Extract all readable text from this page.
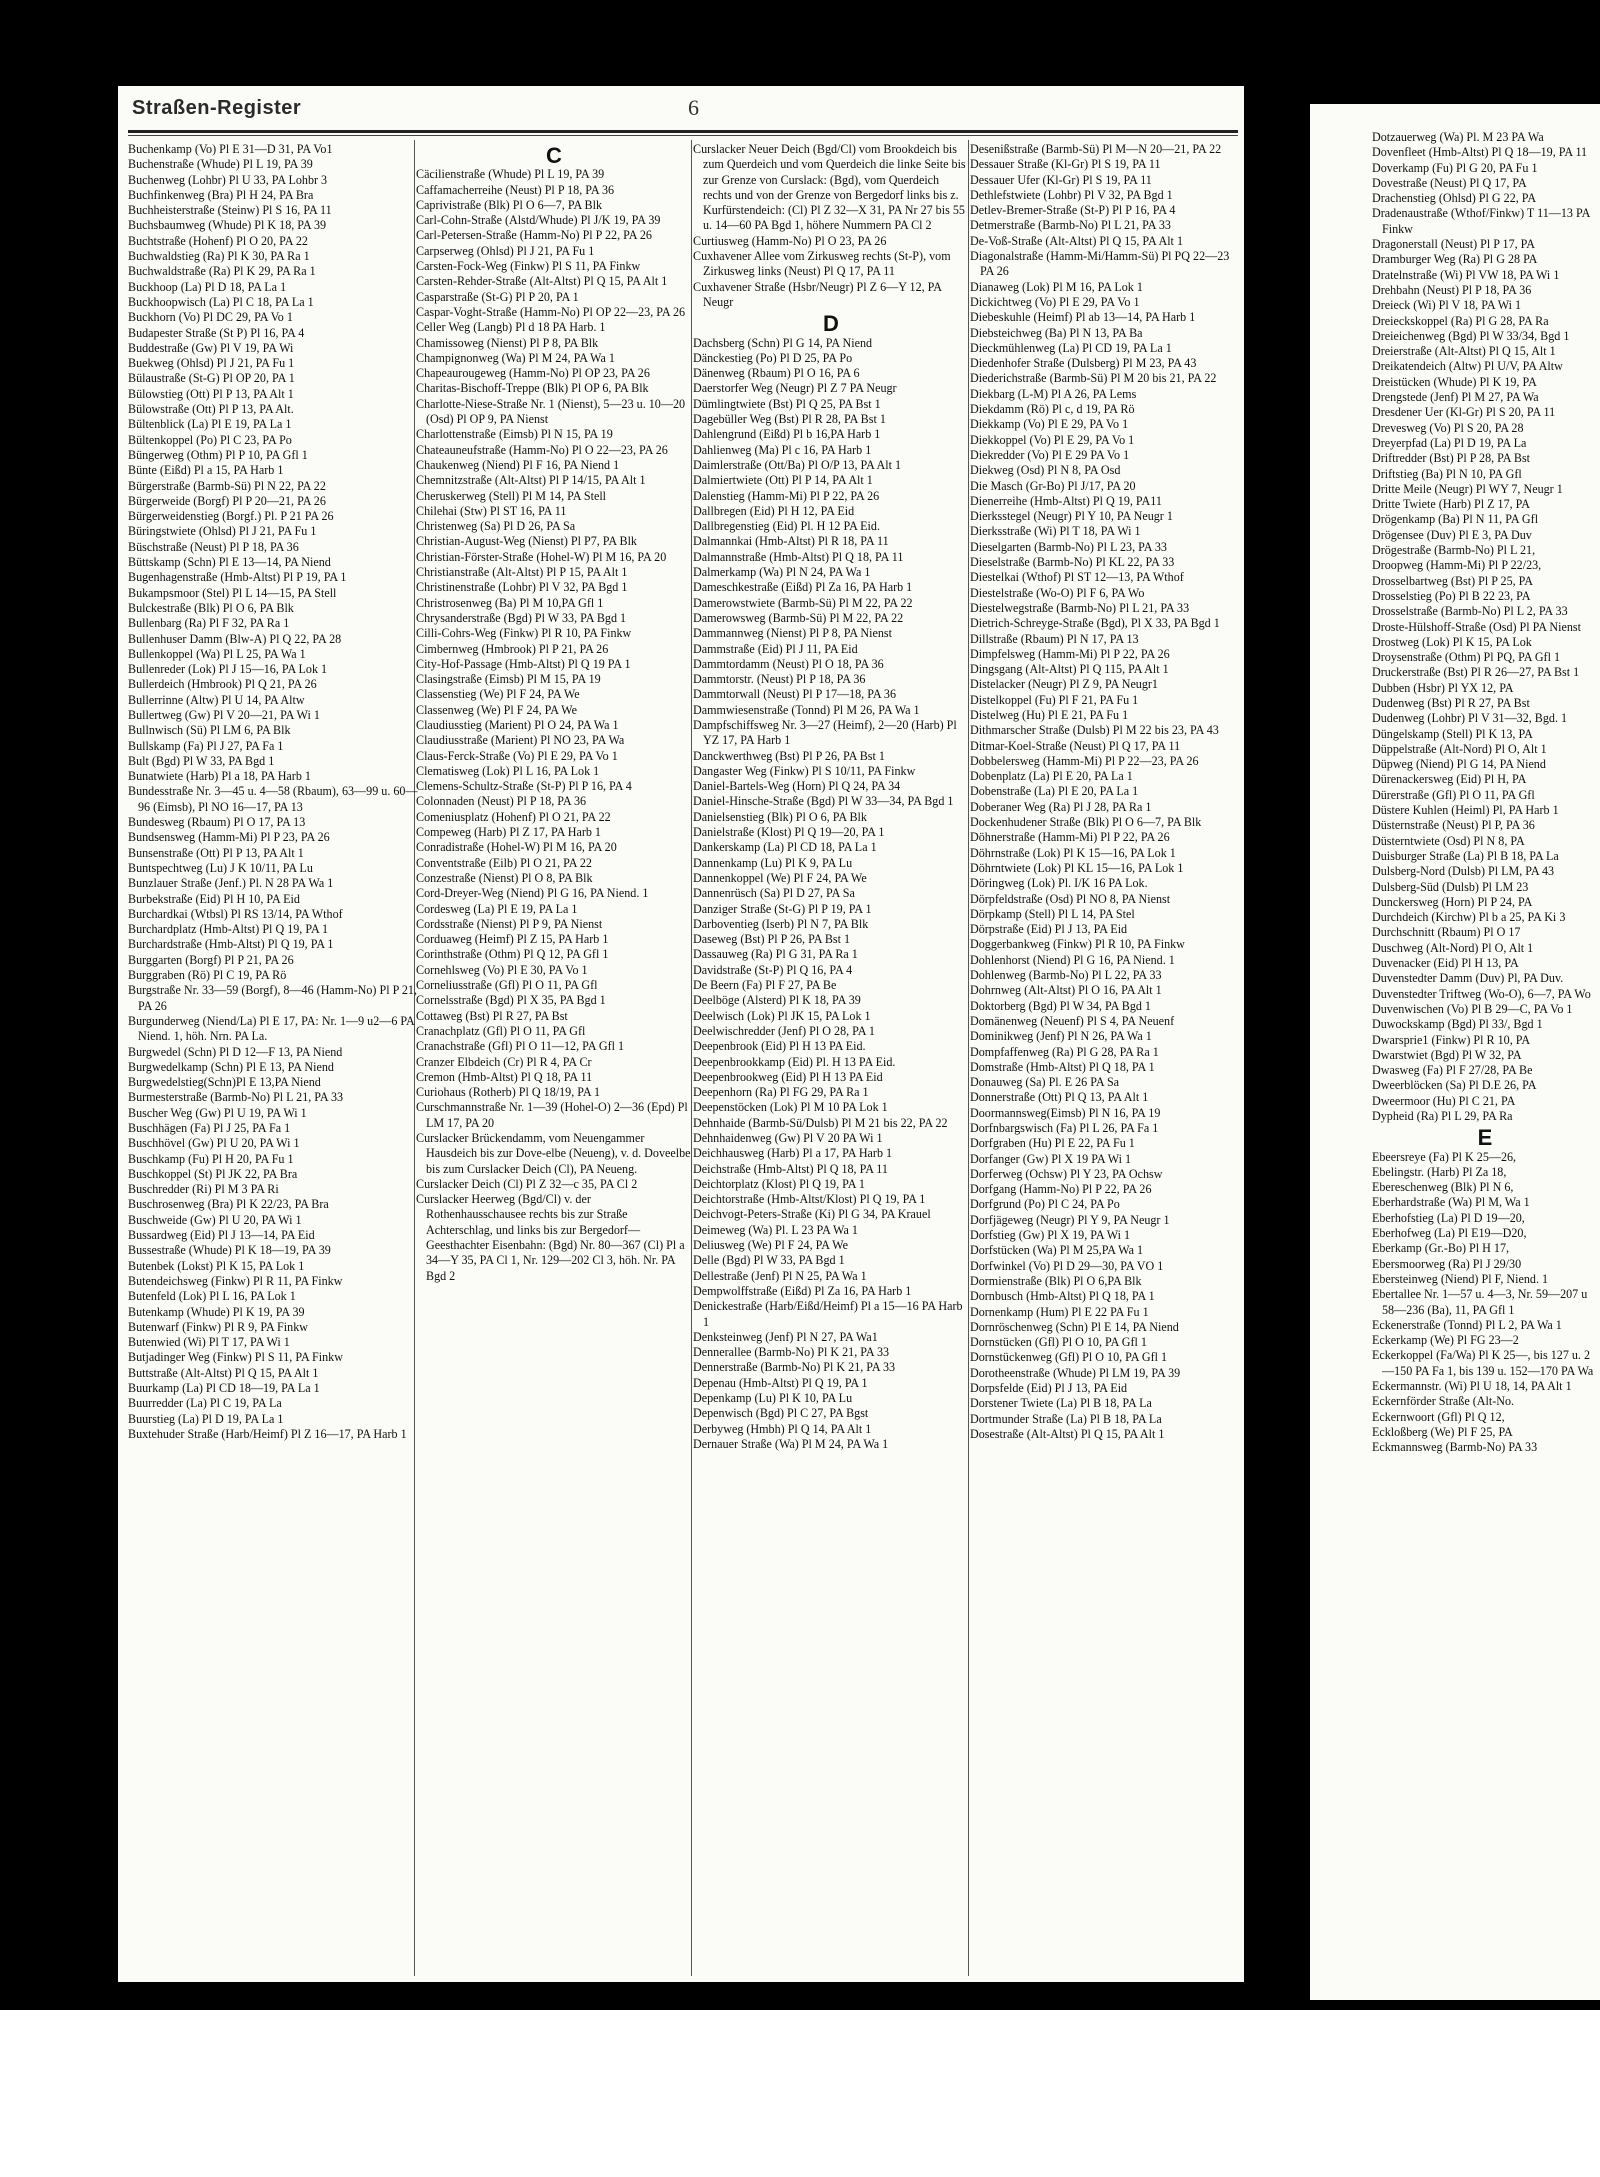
Straßen-Register	6

Buchenkamp (Vo) Pl E 31—D 31, PA Vo1

Buchenstraße (Whude) Pl L 19, PA 39

Buchenweg (Lohbr) Pl U 33, PA Lohbr 3

Buchfinkenweg (Bra) Pl H 24, PA Bra

Buchheisterstraße (Steinw) Pl S 16, PA 11

Buchsbaumweg (Whude) Pl K 18, PA 39

Buchtstraße (Hohenf) Pl O 20, PA 22

Buchwaldstieg (Ra) Pl K 30, PA Ra 1

Buchwaldstraße (Ra) Pl K 29, PA Ra 1

Buckhoop (La) Pl D 18, PA La 1

Buckhoopwisch (La) Pl C 18, PA La 1

Buckhorn (Vo) Pl DC 29, PA Vo 1

Budapester Straße (St P) Pl 16, PA 4

Buddestraße (Gw) Pl V 19, PA Wi

Buekweg (Ohlsd) Pl J 21, PA Fu 1

Bülaustraße (St-G) Pl OP 20, PA 1

Bülowstieg (Ott) Pl P 13, PA Alt 1

Bülowstraße (Ott) Pl P 13, PA Alt.

Bültenblick (La) Pl E 19, PA La 1

Bültenkoppel (Po) Pl C 23, PA Po

Büngerweg (Othm) Pl P 10, PA Gfl 1

Bünte (Eißd) Pl a 15, PA Harb 1

Bürgerstraße (Barmb-Sü) Pl N 22, PA 22

Bürgerweide (Borgf) Pl P 20—21, PA 26

Bürgerweidenstieg (Borgf.) Pl. P 21 PA 26

Büringstwiete (Ohlsd) Pl J 21, PA Fu 1

Büschstraße (Neust) Pl P 18, PA 36

Büttskamp (Schn) Pl E 13—14, PA Niend

Bugenhagenstraße (Hmb-Altst) Pl P 19, PA 1

Bukampsmoor (Stel) Pl L 14—15, PA Stell

Bulckestraße (Blk) Pl O 6, PA Blk

Bullenbarg (Ra) Pl F 32, PA Ra 1

Bullenhuser Damm (Blw-A) Pl Q 22, PA 28

Bullenkoppel (Wa) Pl L 25, PA Wa 1

Bullenreder (Lok) Pl J 15—16, PA Lok 1

Bullerdeich (Hmbrook) Pl Q 21, PA 26

Bullerrinne (Altw) Pl U 14, PA Altw

Bullertweg (Gw) Pl V 20—21, PA Wi 1

Bullnwisch (Sü) Pl LM 6, PA Blk

Bullskamp (Fa) Pl J 27, PA Fa 1

Bult (Bgd) Pl W 33, PA Bgd 1

Bunatwiete (Harb) Pl a 18, PA Harb 1

Bundesstraße Nr. 3—45 u. 4—58 (Rbaum), 63—99 u. 60—96 (Eimsb), Pl NO 16—17, PA 13

Bundesweg (Rbaum) Pl O 17, PA 13

Bundsensweg (Hamm-Mi) Pl P 23, PA 26

Bunsenstraße (Ott) Pl P 13, PA Alt 1

Buntspechtweg (Lu) J K 10/11, PA Lu

Bunzlauer Straße (Jenf.) Pl. N 28 PA Wa 1

Burbekstraße (Eid) Pl H 10, PA Eid

Burchardkai (Wtbsl) Pl RS 13/14, PA Wthof

Burchardplatz (Hmb-Altst) Pl Q 19, PA 1

Burchardstraße (Hmb-Altst) Pl Q 19, PA 1

Burggarten (Borgf) Pl P 21, PA 26

Burggraben (Rö) Pl C 19, PA Rö

Burgstraße Nr. 33—59 (Borgf), 8—46 (Hamm-No) Pl P 21, PA 26

Burgunderweg (Niend/La) Pl E 17, PA: Nr. 1—9 u2—6 PA Niend. 1, höh. Nrn. PA La.

Burgwedel (Schn) Pl D 12—F 13, PA Niend

Burgwedelkamp (Schn) Pl E 13, PA Niend

Burgwedelstieg(Schn)Pl E 13,PA Niend

Burmesterstraße (Barmb-No) Pl L 21, PA 33

Buscher Weg (Gw) Pl U 19, PA Wi 1

Buschhägen (Fa) Pl J 25, PA Fa 1

Buschhövel (Gw) Pl U 20, PA Wi 1

Buschkamp (Fu) Pl H 20, PA Fu 1

Buschkoppel (St) Pl JK 22, PA Bra

Buschredder (Ri) Pl M 3 PA Ri

Buschrosenweg (Bra) Pl K 22/23, PA Bra

Buschweide (Gw) Pl U 20, PA Wi 1

Bussardweg (Eid) Pl J 13—14, PA Eid

Bussestraße (Whude) Pl K 18—19, PA 39

Butenbek (Lokst) Pl K 15, PA Lok 1

Butendeichsweg (Finkw) Pl R 11, PA Finkw

Butenfeld (Lok) Pl L 16, PA Lok 1

Butenkamp (Whude) Pl K 19, PA 39

Butenwarf (Finkw) Pl R 9, PA Finkw

Butenwied (Wi) Pl T 17, PA Wi 1

Butjadinger Weg (Finkw) Pl S 11, PA Finkw

Buttstraße (Alt-Altst) Pl Q 15, PA Alt 1

Buurkamp (La) Pl CD 18—19, PA La 1

Buurredder (La) Pl C 19, PA La

Buurstieg (La) Pl D 19, PA La 1

Buxtehuder Straße (Harb/Heimf) Pl Z 16—17, PA Harb 1

C

Cäcilienstraße (Whude) Pl L 19, PA 39

Caffamacherreihe (Neust) Pl P 18, PA 36

Caprivistraße (Blk) Pl O 6—7, PA Blk

Carl-Cohn-Straße (Alstd/Whude) Pl J/K 19, PA 39

Carl-Petersen-Straße (Hamm-No) Pl P 22, PA 26

Carpserweg (Ohlsd) Pl J 21, PA Fu 1

Carsten-Fock-Weg (Finkw) Pl S 11, PA Finkw

Carsten-Rehder-Straße (Alt-Altst) Pl Q 15, PA Alt 1

Casparstraße (St-G) Pl P 20, PA 1

Caspar-Voght-Straße (Hamm-No) Pl OP 22—23, PA 26

Celler Weg (Langb) Pl d 18 PA Harb. 1

Chamissoweg (Nienst) Pl P 8, PA Blk

Champignonweg (Wa) Pl M 24, PA Wa 1

Chapeaurougeweg (Hamm-No) Pl OP 23, PA 26

Charitas-Bischoff-Treppe (Blk) Pl OP 6, PA Blk

Charlotte-Niese-Straße Nr. 1 (Nienst), 5—23 u. 10—20 (Osd) Pl OP 9, PA Nienst

Charlottenstraße (Eimsb) Pl N 15, PA 19

Chateauneufstraße (Hamm-No) Pl O 22—23, PA 26

Chaukenweg (Niend) Pl F 16, PA Niend 1

Chemnitzstraße (Alt-Altst) Pl P 14/15, PA Alt 1

Cheruskerweg (Stell) Pl M 14, PA Stell

Chilehai (Stw) Pl ST 16, PA 11

Christenweg (Sa) Pl D 26, PA Sa

Christian-August-Weg (Nienst) Pl P7, PA Blk

Christian-Förster-Straße (Hohel-W) Pl M 16, PA 20

Christianstraße (Alt-Altst) Pl P 15, PA Alt 1

Christinenstraße (Lohbr) Pl V 32, PA Bgd 1

Christrosenweg (Ba) Pl M 10,PA Gfl 1

Chrysanderstraße (Bgd) Pl W 33, PA Bgd 1

Cilli-Cohrs-Weg (Finkw) Pl R 10, PA Finkw

Cimbernweg (Hmbrook) Pl P 21, PA 26

City-Hof-Passage (Hmb-Altst) Pl Q 19 PA 1

Clasingstraße (Eimsb) Pl M 15, PA 19

Classenstieg (We) Pl F 24, PA We

Classenweg (We) Pl F 24, PA We

Claudiusstieg (Marient) Pl O 24, PA Wa 1

Claudiusstraße (Marient) Pl NO 23, PA Wa

Claus-Ferck-Straße (Vo) Pl E 29, PA Vo 1

Clematisweg (Lok) Pl L 16, PA Lok 1

Clemens-Schultz-Straße (St-P) Pl P 16, PA 4

Colonnaden (Neust) Pl P 18, PA 36

Comeniusplatz (Hohenf) Pl O 21, PA 22

Compeweg (Harb) Pl Z 17, PA Harb 1

Conradistraße (Hohel-W) Pl M 16, PA 20

Conventstraße (Eilb) Pl O 21, PA 22

Conzestraße (Nienst) Pl O 8, PA Blk

Cord-Dreyer-Weg (Niend) Pl G 16, PA Niend. 1

Cordesweg (La) Pl E 19, PA La 1

Cordsstraße (Nienst) Pl P 9, PA Nienst

Corduaweg (Heimf) Pl Z 15, PA Harb 1

Corinthstraße (Othm) Pl Q 12, PA Gfl 1

Cornehlsweg (Vo) Pl E 30, PA Vo 1

Corneliusstraße (Gfl) Pl O 11, PA Gfl

Cornelsstraße (Bgd) Pl X 35, PA Bgd 1

Cottaweg (Bst) Pl R 27, PA Bst

Cranachplatz (Gfl) Pl O 11, PA Gfl

Cranachstraße (Gfl) Pl O 11—12, PA Gfl 1

Cranzer Elbdeich (Cr) Pl R 4, PA Cr

Cremon (Hmb-Altst) Pl Q 18, PA 11

Curiohaus (Rotherb) Pl Q 18/19, PA 1

Curschmannstraße Nr. 1—39 (Hohel-O) 2—36 (Epd) Pl LM 17, PA 20

Curslacker Brückendamm, vom Neuengammer Hausdeich bis zur Dove-elbe (Neueng), v. d. Doveelbe bis zum Curslacker Deich (Cl), PA Neueng.

Curslacker Deich (Cl) Pl Z 32—c 35, PA Cl 2

Curslacker Heerweg (Bgd/Cl) v. der Rothenhausschausee rechts bis zur Straße Achterschlag, und links bis zur Bergedorf—Geesthachter Eisenbahn: (Bgd) Nr. 80—367 (Cl) Pl a 34—Y 35, PA Cl 1, Nr. 129—202 Cl 3, höh. Nr. PA Bgd 2

Curslacker Neuer Deich (Bgd/Cl) vom Brookdeich bis zum Querdeich und vom Querdeich die linke Seite bis zur Grenze von Curslack: (Bgd), vom Querdeich rechts und von der Grenze von Bergedorf links bis z. Kurfürstendeich: (Cl) Pl Z 32—X 31, PA Nr 27 bis 55 u. 14—60 PA Bgd 1, höhere Nummern PA Cl 2

Curtiusweg (Hamm-No) Pl O 23, PA 26

Cuxhavener Allee vom Zirkusweg rechts (St-P), vom Zirkusweg links (Neust) Pl Q 17, PA 11

Cuxhavener Straße (Hsbr/Neugr) Pl Z 6—Y 12, PA Neugr

D

Dachsberg (Schn) Pl G 14, PA Niend

Dänckestieg (Po) Pl D 25, PA Po

Dänenweg (Rbaum) Pl O 16, PA 6

Daerstorfer Weg (Neugr) Pl Z 7 PA Neugr

Dümlingtwiete (Bst) Pl Q 25, PA Bst 1

Dagebüller Weg (Bst) Pl R 28, PA Bst 1

Dahlengrund (Eißd) Pl b 16,PA Harb 1

Dahlienweg (Ma) Pl c 16, PA Harb 1

Daimlerstraße (Ott/Ba) Pl O/P 13, PA Alt 1

Dalmiertwiete (Ott) Pl P 14, PA Alt 1

Dalenstieg (Hamm-Mi) Pl P 22, PA 26

Dallbregen (Eid) Pl H 12, PA Eid

Dallbregenstieg (Eid) Pl. H 12 PA Eid.

Dalmannkai (Hmb-Altst) Pl R 18, PA 11

Dalmannstraße (Hmb-Altst) Pl Q 18, PA 11

Dalmerkamp (Wa) Pl N 24, PA Wa 1

Dameschkestraße (Eißd) Pl Za 16, PA Harb 1

Damerowstwiete (Barmb-Sü) Pl M 22, PA 22

Damerowsweg (Barmb-Sü) Pl M 22, PA 22

Dammannweg (Nienst) Pl P 8, PA Nienst

Dammstraße (Eid) Pl J 11, PA Eid

Dammtordamm (Neust) Pl O 18, PA 36

Dammtorstr. (Neust) Pl P 18, PA 36

Dammtorwall (Neust) Pl P 17—18, PA 36

Dammwiesenstraße (Tonnd) Pl M 26, PA Wa 1

Dampfschiffsweg Nr. 3—27 (Heimf), 2—20 (Harb) Pl YZ 17, PA Harb 1

Danckwerthweg (Bst) Pl P 26, PA Bst 1

Dangaster Weg (Finkw) Pl S 10/11, PA Finkw

Daniel-Bartels-Weg (Horn) Pl Q 24, PA 34

Daniel-Hinsche-Straße (Bgd) Pl W 33—34, PA Bgd 1

Danielsenstieg (Blk) Pl O 6, PA Blk

Danielstraße (Klost) Pl Q 19—20, PA 1

Dankerskamp (La) Pl CD 18, PA La 1

Dannenkamp (Lu) Pl K 9, PA Lu

Dannenkoppel (We) Pl F 24, PA We

Dannenrüsch (Sa) Pl D 27, PA Sa

Danziger Straße (St-G) Pl P 19, PA 1

Darboventieg (Iserb) Pl N 7, PA Blk

Daseweg (Bst) Pl P 26, PA Bst 1

Dassauweg (Ra) Pl G 31, PA Ra 1

Davidstraße (St-P) Pl Q 16, PA 4

De Beern (Fa) Pl F 27, PA Be

Deelböge (Alsterd) Pl K 18, PA 39

Deelwisch (Lok) Pl JK 15, PA Lok 1

Deelwischredder (Jenf) Pl O 28, PA 1

Deepenbrook (Eid) Pl H 13 PA Eid.

Deepenbrookkamp (Eid) Pl. H 13 PA Eid.

Deepenbrookweg (Eid) Pl H 13 PA Eid

Deepenhorn (Ra) Pl FG 29, PA Ra 1

Deepenstöcken (Lok) Pl M 10 PA Lok 1

Dehnhaide (Barmb-Sü/Dulsb) Pl M 21 bis 22, PA 22

Dehnhaidenweg (Gw) Pl V 20 PA Wi 1

Deichhausweg (Harb) Pl a 17, PA Harb 1

Deichstraße (Hmb-Altst) Pl Q 18, PA 11

Deichtorplatz (Klost) Pl Q 19, PA 1

Deichtorstraße (Hmb-Altst/Klost) Pl Q 19, PA 1

Deichvogt-Peters-Straße (Ki) Pl G 34, PA Krauel

Deimeweg (Wa) Pl. L 23 PA Wa 1

Deliusweg (We) Pl F 24, PA We

Delle (Bgd) Pl W 33, PA Bgd 1

Dellestraße (Jenf) Pl N 25, PA Wa 1

Dempwolffstraße (Eißd) Pl Za 16, PA Harb 1

Denickestraße (Harb/Eißd/Heimf) Pl a 15—16 PA Harb 1

Denksteinweg (Jenf) Pl N 27, PA Wa1

Dennerallee (Barmb-No) Pl K 21, PA 33

Dennerstraße (Barmb-No) Pl K 21, PA 33

Depenau (Hmb-Altst) Pl Q 19, PA 1

Depenkamp (Lu) Pl K 10, PA Lu

Depenwisch (Bgd) Pl C 27, PA Bgst

Derbyweg (Hmbh) Pl Q 14, PA Alt 1

Dernauer Straße (Wa) Pl M 24, PA Wa 1

Desenißstraße (Barmb-Sü) Pl M—N 20—21, PA 22

Dessauer Straße (Kl-Gr) Pl S 19, PA 11

Dessauer Ufer (Kl-Gr) Pl S 19, PA 11

Dethlefstwiete (Lohbr) Pl V 32, PA Bgd 1

Detlev-Bremer-Straße (St-P) Pl P 16, PA 4

Detmerstraße (Barmb-No) Pl L 21, PA 33

De-Voß-Straße (Alt-Altst) Pl Q 15, PA Alt 1

Diagonalstraße (Hamm-Mi/Hamm-Sü) Pl PQ 22—23 PA 26

Dianaweg (Lok) Pl M 16, PA Lok 1

Dickichtweg (Vo) Pl E 29, PA Vo 1

Diebeskuhle (Heimf) Pl ab 13—14, PA Harb 1

Diebsteichweg (Ba) Pl N 13, PA Ba

Dieckmühlenweg (La) Pl CD 19, PA La 1

Diedenhofer Straße (Dulsberg) Pl M 23, PA 43

Diederichstraße (Barmb-Sü) Pl M 20 bis 21, PA 22

Diekbarg (L-M) Pl A 26, PA Lems

Diekdamm (Rö) Pl c, d 19, PA Rö

Diekkamp (Vo) Pl E 29, PA Vo 1

Diekkoppel (Vo) Pl E 29, PA Vo 1

Diekredder (Vo) Pl E 29 PA Vo 1

Diekweg (Osd) Pl N 8, PA Osd

Die Masch (Gr-Bo) Pl J/17, PA 20

Dienerreihe (Hmb-Altst) Pl Q 19, PA11

Dierksstegel (Neugr) Pl Y 10, PA Neugr 1

Dierksstraße (Wi) Pl T 18, PA Wi 1

Dieselgarten (Barmb-No) Pl L 23, PA 33

Dieselstraße (Barmb-No) Pl KL 22, PA 33

Diestelkai (Wthof) Pl ST 12—13, PA Wthof

Diestelstraße (Wo-O) Pl F 6, PA Wo

Diestelwegstraße (Barmb-No) Pl L 21, PA 33

Dietrich-Schreyge-Straße (Bgd), Pl X 33, PA Bgd 1

Dillstraße (Rbaum) Pl N 17, PA 13

Dimpfelsweg (Hamm-Mi) Pl P 22, PA 26

Dingsgang (Alt-Altst) Pl Q 115, PA Alt 1

Distelacker (Neugr) Pl Z 9, PA Neugr1

Distelkoppel (Fu) Pl F 21, PA Fu 1

Distelweg (Hu) Pl E 21, PA Fu 1

Dithmarscher Straße (Dulsb) Pl M 22 bis 23, PA 43

Ditmar-Koel-Straße (Neust) Pl Q 17, PA 11

Dobbelersweg (Hamm-Mi) Pl P 22—23, PA 26

Dobenplatz (La) Pl E 20, PA La 1

Dobenstraße (La) Pl E 20, PA La 1

Doberaner Weg (Ra) Pl J 28, PA Ra 1

Dockenhudener Straße (Blk) Pl O 6—7, PA Blk

Döhnerstraße (Hamm-Mi) Pl P 22, PA 26

Döhrnstraße (Lok) Pl K 15—16, PA Lok 1

Döhrntwiete (Lok) Pl KL 15—16, PA Lok 1

Döringweg (Lok) Pl. I/K 16 PA Lok.

Dörpfeldstraße (Osd) Pl NO 8, PA Nienst

Dörpkamp (Stell) Pl L 14, PA Stel

Dörpstraße (Eid) Pl J 13, PA Eid

Doggerbankweg (Finkw) Pl R 10, PA Finkw

Dohlenhorst (Niend) Pl G 16, PA Niend. 1

Dohlenweg (Barmb-No) Pl L 22, PA 33

Dohrnweg (Alt-Altst) Pl O 16, PA Alt 1

Doktorberg (Bgd) Pl W 34, PA Bgd 1

Domänenweg (Neuenf) Pl S 4, PA Neuenf

Dominikweg (Jenf) Pl N 26, PA Wa 1

Dompfaffenweg (Ra) Pl G 28, PA Ra 1

Domstraße (Hmb-Altst) Pl Q 18, PA 1

Donauweg (Sa) Pl. E 26 PA Sa

Donnerstraße (Ott) Pl Q 13, PA Alt 1

Doormannsweg(Eimsb) Pl N 16, PA 19

Dorfnbargswisch (Fa) Pl L 26, PA Fa 1

Dorfgraben (Hu) Pl E 22, PA Fu 1

Dorfanger (Gw) Pl X 19 PA Wi 1

Dorferweg (Ochsw) Pl Y 23, PA Ochsw

Dorfgang (Hamm-No) Pl P 22, PA 26

Dorfgrund (Po) Pl C 24, PA Po

Dorfjägeweg (Neugr) Pl Y 9, PA Neugr 1

Dorfstieg (Gw) Pl X 19, PA Wi 1

Dorfstücken (Wa) Pl M 25,PA Wa 1

Dorfwinkel (Vo) Pl D 29—30, PA VO 1

Dormienstraße (Blk) Pl O 6,PA Blk

Dornbusch (Hmb-Altst) Pl Q 18, PA 1

Dornenkamp (Hum) Pl E 22 PA Fu 1

Dornröschenweg (Schn) Pl E 14, PA Niend

Dornstücken (Gfl) Pl O 10, PA Gfl 1

Dornstückenweg (Gfl) Pl O 10, PA Gfl 1

Dorotheenstraße (Whude) Pl LM 19, PA 39

Dorpsfelde (Eid) Pl J 13, PA Eid

Dorstener Twiete (La) Pl B 18, PA La

Dortmunder Straße (La) Pl B 18, PA La

Dosestraße (Alt-Altst) Pl Q 15, PA Alt 1

Dotzauerweg (Wa) Pl. M 23 PA Wa

Dovenfleet (Hmb-Altst) Pl Q 18—19, PA 11

Doverkamp (Fu) Pl G 20, PA Fu 1

Dovestraße (Neust) Pl Q 17, PA

Drachenstieg (Ohlsd) Pl G 22, PA

Dradenaustraße (Wthof/Finkw) T 11—13 PA Finkw

Dragonerstall (Neust) Pl P 17, PA

Dramburger Weg (Ra) Pl G 28 PA

Dratelnstraße (Wi) Pl VW 18, PA Wi 1

Drehbahn (Neust) Pl P 18, PA 36

Dreieck (Wi) Pl V 18, PA Wi 1

Dreieckskoppel (Ra) Pl G 28, PA Ra

Dreieichenweg (Bgd) Pl W 33/34, Bgd 1

Dreierstraße (Alt-Altst) Pl Q 15, Alt 1

Dreikatendeich (Altw) Pl U/V, PA Altw

Dreistücken (Whude) Pl K 19, PA

Drengstede (Jenf) Pl M 27, PA Wa

Dresdener Uer (Kl-Gr) Pl S 20, PA 11

Drevesweg (Vo) Pl S 20, PA 28

Dreyerpfad (La) Pl D 19, PA La

Driftredder (Bst) Pl P 28, PA Bst

Driftstieg (Ba) Pl N 10, PA Gfl

Dritte Meile (Neugr) Pl WY 7, Neugr 1

Dritte Twiete (Harb) Pl Z 17, PA

Drögenkamp (Ba) Pl N 11, PA Gfl

Drögensee (Duv) Pl E 3, PA Duv

Drögestraße (Barmb-No) Pl L 21,

Droopweg (Hamm-Mi) Pl P 22/23,

Drosselbartweg (Bst) Pl P 25, PA

Drosselstieg (Po) Pl B 22 23, PA

Drosselstraße (Barmb-No) Pl L 2, PA 33

Droste-Hülshoff-Straße (Osd) Pl PA Nienst

Drostweg (Lok) Pl K 15, PA Lok

Droysenstraße (Othm) Pl PQ, PA Gfl 1

Druckerstraße (Bst) Pl R 26—27, PA Bst 1

Dubben (Hsbr) Pl YX 12, PA

Dudenweg (Bst) Pl R 27, PA Bst

Dudenweg (Lohbr) Pl V 31—32, Bgd. 1

Düngelskamp (Stell) Pl K 13, PA

Düppelstraße (Alt-Nord) Pl O, Alt 1

Düpweg (Niend) Pl G 14, PA Niend

Dürenackersweg (Eid) Pl H, PA

Dürerstraße (Gfl) Pl O 11, PA Gfl

Düstere Kuhlen (Heiml) Pl, PA Harb 1

Düsternstraße (Neust) Pl P, PA 36

Düsterntwiete (Osd) Pl N 8, PA

Duisburger Straße (La) Pl B 18, PA La

Dulsberg-Nord (Dulsb) Pl LM, PA 43

Dulsberg-Süd (Dulsb) Pl LM 23

Dunckersweg (Horn) Pl P 24, PA

Durchdeich (Kirchw) Pl b a 25, PA Ki 3

Durchschnitt (Rbaum) Pl O 17

Duschweg (Alt-Nord) Pl O, Alt 1

Duvenacker (Eid) Pl H 13, PA

Duvenstedter Damm (Duv) Pl, PA Duv.

Duvenstedter Triftweg (Wo-O), 6—7, PA Wo

Duvenwischen (Vo) Pl B 29—C, PA Vo 1

Duwockskamp (Bgd) Pl 33/, Bgd 1

Dwarsprie1 (Finkw) Pl R 10, PA

Dwarstwiet (Bgd) Pl W 32, PA

Dwasweg (Fa) Pl F 27/28, PA Be

Dweerblöcken (Sa) Pl D.E 26, PA

Dweermoor (Hu) Pl C 21, PA

Dypheid (Ra) Pl L 29, PA Ra

E

Ebeersreye (Fa) Pl K 25—26,

Ebelingstr. (Harb) Pl Za 18,

Ebereschenweg (Blk) Pl N 6,

Eberhardstraße (Wa) Pl M, Wa 1

Eberhofstieg (La) Pl D 19—20,

Eberhofweg (La) Pl E19—D20,

Eberkamp (Gr.-Bo) Pl H 17,

Ebersmoorweg (Ra) Pl J 29/30

Ebersteinweg (Niend) Pl F, Niend. 1

Ebertallee Nr. 1—57 u. 4—3, Nr. 59—207 u 58—236 (Ba), 11, PA Gfl 1

Eckenerstraße (Tonnd) Pl L 2, PA Wa 1

Eckerkamp (We) Pl FG 23—2

Eckerkoppel (Fa/Wa) Pl K 25—, bis 127 u. 2—150 PA Fa 1, bis 139 u. 152—170 PA Wa

Eckermannstr. (Wi) Pl U 18, 14, PA Alt 1

Eckernförder Straße (Alt-No.

Eckernwoort (Gfl) Pl Q 12,

Eckloßberg (We) Pl F 25, PA

Eckmannsweg (Barmb-No) PA 33
